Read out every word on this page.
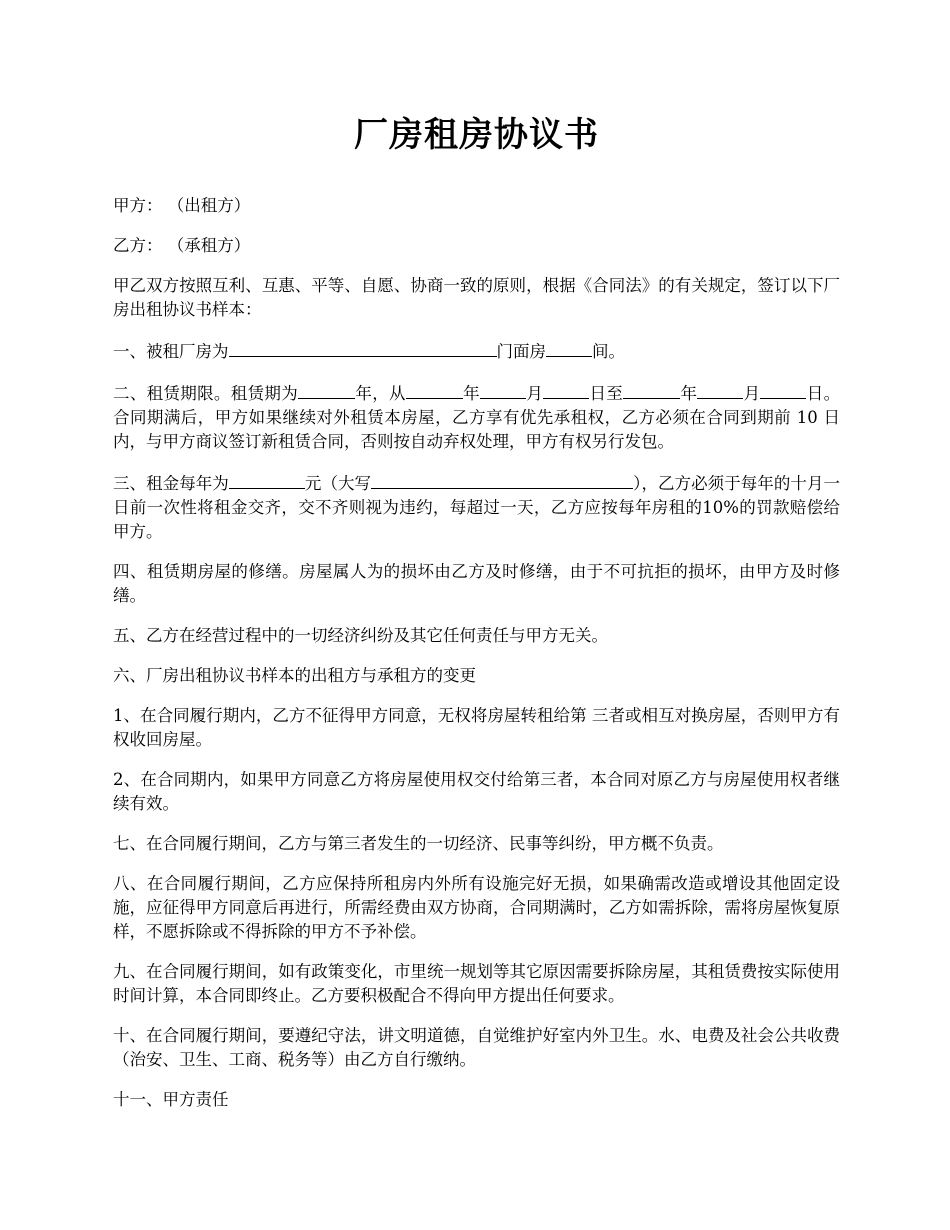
厂房租房协议书

甲方： （出租方）

乙方： （承租方）

甲乙双方按照互利、互惠、平等、自愿、协商一致的原则，根据《合同法》的有关规定，签订以下厂房出租协议书样本：

一、被租厂房为	门面房	间。

二、租赁期限。租赁期为	年，从	年	月	日至	年	月	日。合同期满后，甲方如果继续对外租赁本房屋，乙方享有优先承租权，乙方必须在合同到期前 10 日内，与甲方商议签订新租赁合同，否则按自动弃权处理，甲方有权另行发包。

三、租金每年为	元（大写	），乙方必须于每年的十月一日前一次性将租金交齐，交不齐则视为违约，每超过一天，乙方应按每年房租的10%的罚款赔偿给甲方。

四、租赁期房屋的修缮。房屋属人为的损坏由乙方及时修缮，由于不可抗拒的损坏，由甲方及时修缮。

五、乙方在经营过程中的一切经济纠纷及其它任何责任与甲方无关。

六、厂房出租协议书样本的出租方与承租方的变更

1、在合同履行期内，乙方不征得甲方同意，无权将房屋转租给第 三者或相互对换房屋，否则甲方有权收回房屋。

2、在合同期内，如果甲方同意乙方将房屋使用权交付给第三者，本合同对原乙方与房屋使用权者继续有效。

七、在合同履行期间，乙方与第三者发生的一切经济、民事等纠纷，甲方概不负责。

八、在合同履行期间，乙方应保持所租房内外所有设施完好无损，如果确需改造或增设其他固定设施，应征得甲方同意后再进行，所需经费由双方协商，合同期满时，乙方如需拆除，需将房屋恢复原样，不愿拆除或不得拆除的甲方不予补偿。

九、在合同履行期间，如有政策变化，市里统一规划等其它原因需要拆除房屋，其租赁费按实际使用时间计算，本合同即终止。乙方要积极配合不得向甲方提出任何要求。

十、在合同履行期间，要遵纪守法，讲文明道德，自觉维护好室内外卫生。水、电费及社会公共收费（治安、卫生、工商、税务等）由乙方自行缴纳。

十一、甲方责任
